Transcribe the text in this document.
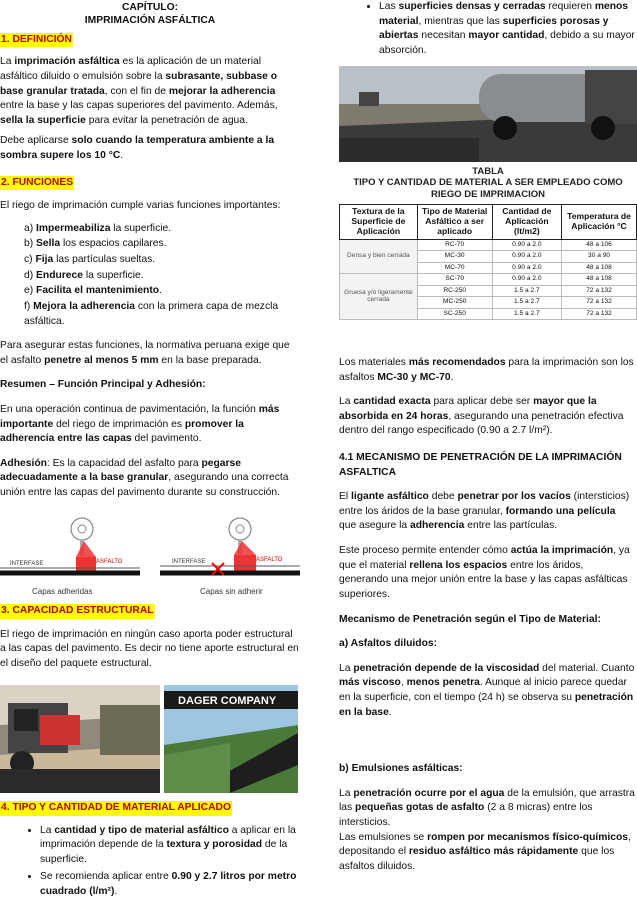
CAPÍTULO:
IMPRIMACIÓN ASFÁLTICA
1. DEFINICIÓN

La imprimación asfáltica es la aplicación de un material asfáltico diluido o emulsión sobre la subrasante, subbase o base granular tratada, con el fin de mejorar la adherencia entre la base y las capas superiores del pavimento. Además, sella la superficie para evitar la penetración de agua.

Debe aplicarse solo cuando la temperatura ambiente a la sombra supere los 10 °C.

2. FUNCIONES

El riego de imprimación cumple varias funciones importantes:

a) Impermeabiliza la superficie.
b) Sella los espacios capilares.
c) Fija las partículas sueltas.
d) Endurece la superficie.
e) Facilita el mantenimiento.
f) Mejora la adherencia con la primera capa de mezcla asfáltica.

Para asegurar estas funciones, la normativa peruana exige que el asfalto penetre al menos 5 mm en la base preparada.

Resumen – Función Principal y Adhesión:

En una operación continua de pavimentación, la función más importante del riego de imprimación es promover la adherencia entre las capas del pavimento.

Adhesión: Es la capacidad del asfalto para pegarse adecuadamente a la base granular, asegurando una correcta unión entre las capas del pavimento durante su construcción.

ASFALTO
INTERFASE
Capas adheridas
ASFALTO
INTERFASE
Capas sin adherir
3. CAPACIDAD ESTRUCTURAL

El riego de imprimación en ningún caso aporta poder estructural a las capas del pavimento. Es decir no tiene aporte estructural en el diseño del paquete estructural.

DAGER COMPANY
4. TIPO Y CANTIDAD DE MATERIAL APLICADO
• La cantidad y tipo de material asfáltico a aplicar en la imprimación depende de la textura y porosidad de la superficie.
• Se recomienda aplicar entre 0.90 y 2.7 litros por metro cuadrado (l/m²).
• Las superficies densas y cerradas requieren menos material, mientras que las superficies porosas y abiertas necesitan mayor cantidad, debido a su mayor absorción.
TABLA
TIPO Y CANTIDAD DE MATERIAL A SER EMPLEADO COMO RIEGO DE IMPRIMACION
Textura de la Superficie de Aplicación	Tipo de Material Asfáltico a ser aplicado	Cantidad de Aplicación (lt/m2)	Temperatura de Aplicación °C
Densa y bien cerrada	RC-70	0.90 a 2.0	48 a 106
	MC-30	0.90 a 2.0	30 a 90
	MC-70	0.90 a 2.0	48 a 108
Gruesa y/o ligeramente cerrada	SC-70	0.90 a 2.0	48 a 108
	RC-250	1.5 a 2.7	72 a 132
	MC-250	1.5 a 2.7	72 a 132
	SC-250	1.5 a 2.7	72 a 132

Los materiales más recomendados para la imprimación son los asfaltos MC-30 y MC-70.

La cantidad exacta para aplicar debe ser mayor que la absorbida en 24 horas, asegurando una penetración efectiva dentro del rango especificado (0.90 a 2.7 l/m²).

4.1 MECANISMO DE PENETRACIÓN DE LA IMPRIMACIÓN ASFALTICA

El ligante asfáltico debe penetrar por los vacíos (intersticios) entre los áridos de la base granular, formando una película que asegure la adherencia entre las partículas.

Este proceso permite entender cómo actúa la imprimación, ya que el material rellena los espacios entre los áridos, generando una mejor unión entre la base y las capas asfálticas superiores.

Mecanismo de Penetración según el Tipo de Material:

a) Asfaltos diluidos:

La penetración depende de la viscosidad del material. Cuanto más viscoso, menos penetra. Aunque al inicio parece quedar en la superficie, con el tiempo (24 h) se observa su penetración en la base.

b) Emulsiones asfálticas:

La penetración ocurre por el agua de la emulsión, que arrastra las pequeñas gotas de asfalto (2 a 8 micras) entre los intersticios.

Las emulsiones se rompen por mecanismos físico-químicos, depositando el residuo asfáltico más rápidamente que los asfaltos diluidos.
